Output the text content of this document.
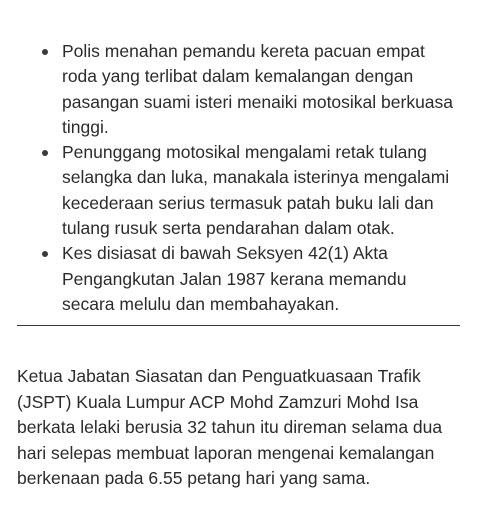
Polis menahan pemandu kereta pacuan empat roda yang terlibat dalam kemalangan dengan pasangan suami isteri menaiki motosikal berkuasa tinggi.
Penunggang motosikal mengalami retak tulang selangka dan luka, manakala isterinya mengalami kecederaan serius termasuk patah buku lali dan tulang rusuk serta pendarahan dalam otak.
Kes disiasat di bawah Seksyen 42(1) Akta Pengangkutan Jalan 1987 kerana memandu secara melulu dan membahayakan.

Ketua Jabatan Siasatan dan Penguatkuasaan Trafik (JSPT) Kuala Lumpur ACP Mohd Zamzuri Mohd Isa berkata lelaki berusia 32 tahun itu direman selama dua hari selepas membuat laporan mengenai kemalangan berkenaan pada 6.55 petang hari yang sama.
